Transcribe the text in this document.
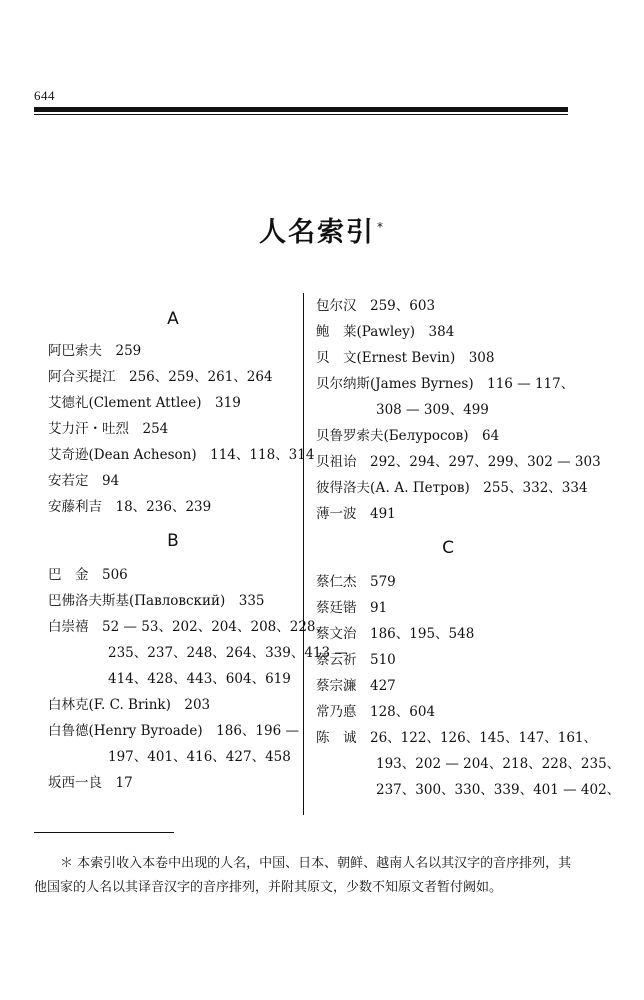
644
人名索引 *
A
阿巴索夫　259
阿合买提江　256、259、261、264
艾德礼(Clement Attlee)　319
艾力汗・吐烈　254
艾奇逊(Dean Acheson)　114、118、314
安若定　94
安藤利吉　18、236、239
B
巴　金　506
巴佛洛夫斯基(Павловский)　335
白崇禧　52 — 53、202、204、208、228、
235、237、248、264、339、413 —
414、428、443、604、619
白林克(F. C. Brink)　203
白鲁德(Henry Byroade)　186、196 —
197、401、416、427、458
坂西一良　17
包尔汉　259、603
鲍　莱(Pawley)　384
贝　文(Ernest Bevin)　308
贝尔纳斯(James Byrnes)　116 — 117、
308 — 309、499
贝鲁罗索夫(Белуросов)　64
贝祖诒　292、294、297、299、302 — 303
彼得洛夫(А. А. Петров)　255、332、334
薄一波　491
C
蔡仁杰　579
蔡廷锴　91
蔡文治　186、195、548
蔡云祈　510
蔡宗濂　427
常乃悳　128、604
陈　诚　26、122、126、145、147、161、
193、202 — 204、218、228、235、
237、300、330、339、401 — 402、
＊ 本索引收入本卷中出现的人名，中国、日本、朝鲜、越南人名以其汉字的音序排列，其他国家的人名以其译音汉字的音序排列，并附其原文，少数不知原文者暂付阙如。
